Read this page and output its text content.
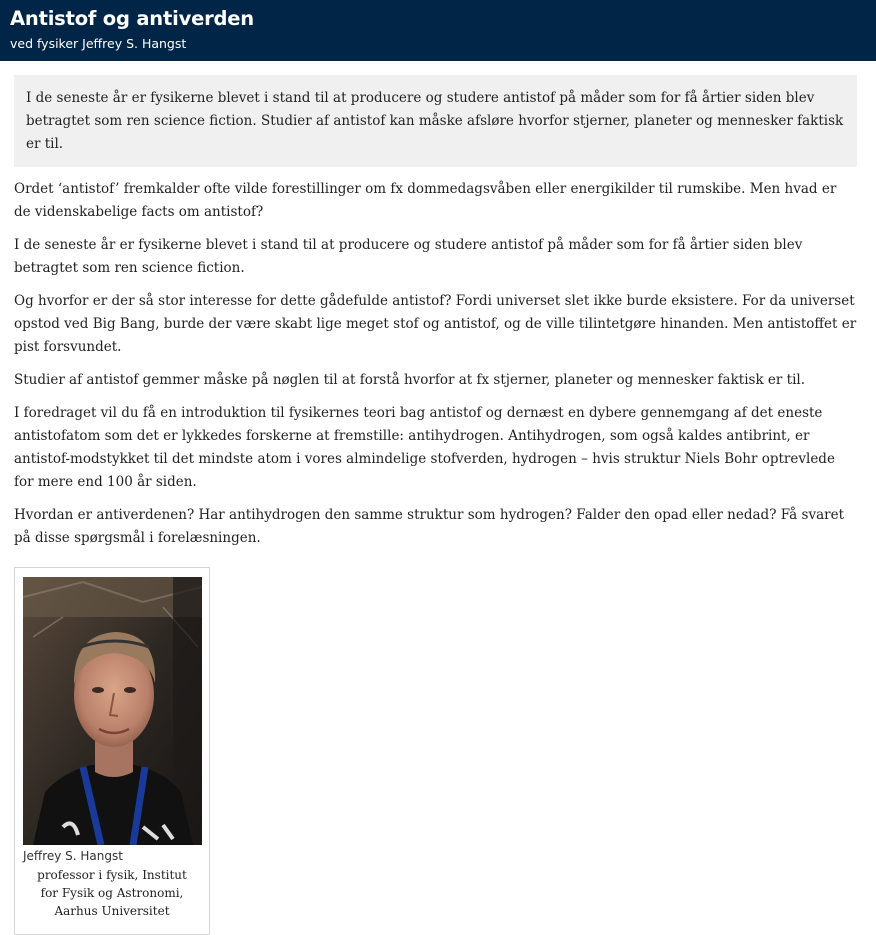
Antistof og antiverden
ved fysiker Jeffrey S. Hangst
I de seneste år er fysikerne blevet i stand til at producere og studere antistof på måder som for få årtier siden blev betragtet som ren science fiction. Studier af antistof kan måske afsløre hvorfor stjerner, planeter og mennesker faktisk er til.

Ordet ‘antistof’ fremkalder ofte vilde forestillinger om fx dommedagsvåben eller energikilder til rumskibe. Men hvad er de videnskabelige facts om antistof?

I de seneste år er fysikerne blevet i stand til at producere og studere antistof på måder som for få årtier siden blev betragtet som ren science fiction.

Og hvorfor er der så stor interesse for dette gådefulde antistof? Fordi universet slet ikke burde eksistere. For da universet opstod ved Big Bang, burde der være skabt lige meget stof og antistof, og de ville tilintetgøre hinanden. Men antistoffet er pist forsvundet.

Studier af antistof gemmer måske på nøglen til at forstå hvorfor at fx stjerner, planeter og mennesker faktisk er til.

I foredraget vil du få en introduktion til fysikernes teori bag antistof og dernæst en dybere gennemgang af det eneste antistofatom som det er lykkedes forskerne at fremstille: antihydrogen. Antihydrogen, som også kaldes antibrint, er antistof-modstykket til det mindste atom i vores almindelige stofverden, hydrogen – hvis struktur Niels Bohr optrevlede for mere end 100 år siden.

Hvordan er antiverdenen? Har antihydrogen den samme struktur som hydrogen? Falder den opad eller nedad? Få svaret på disse spørgsmål i forelæsningen.

Jeffrey S. Hangst
professor i fysik, Institut for Fysik og Astronomi, Aarhus Universitet
